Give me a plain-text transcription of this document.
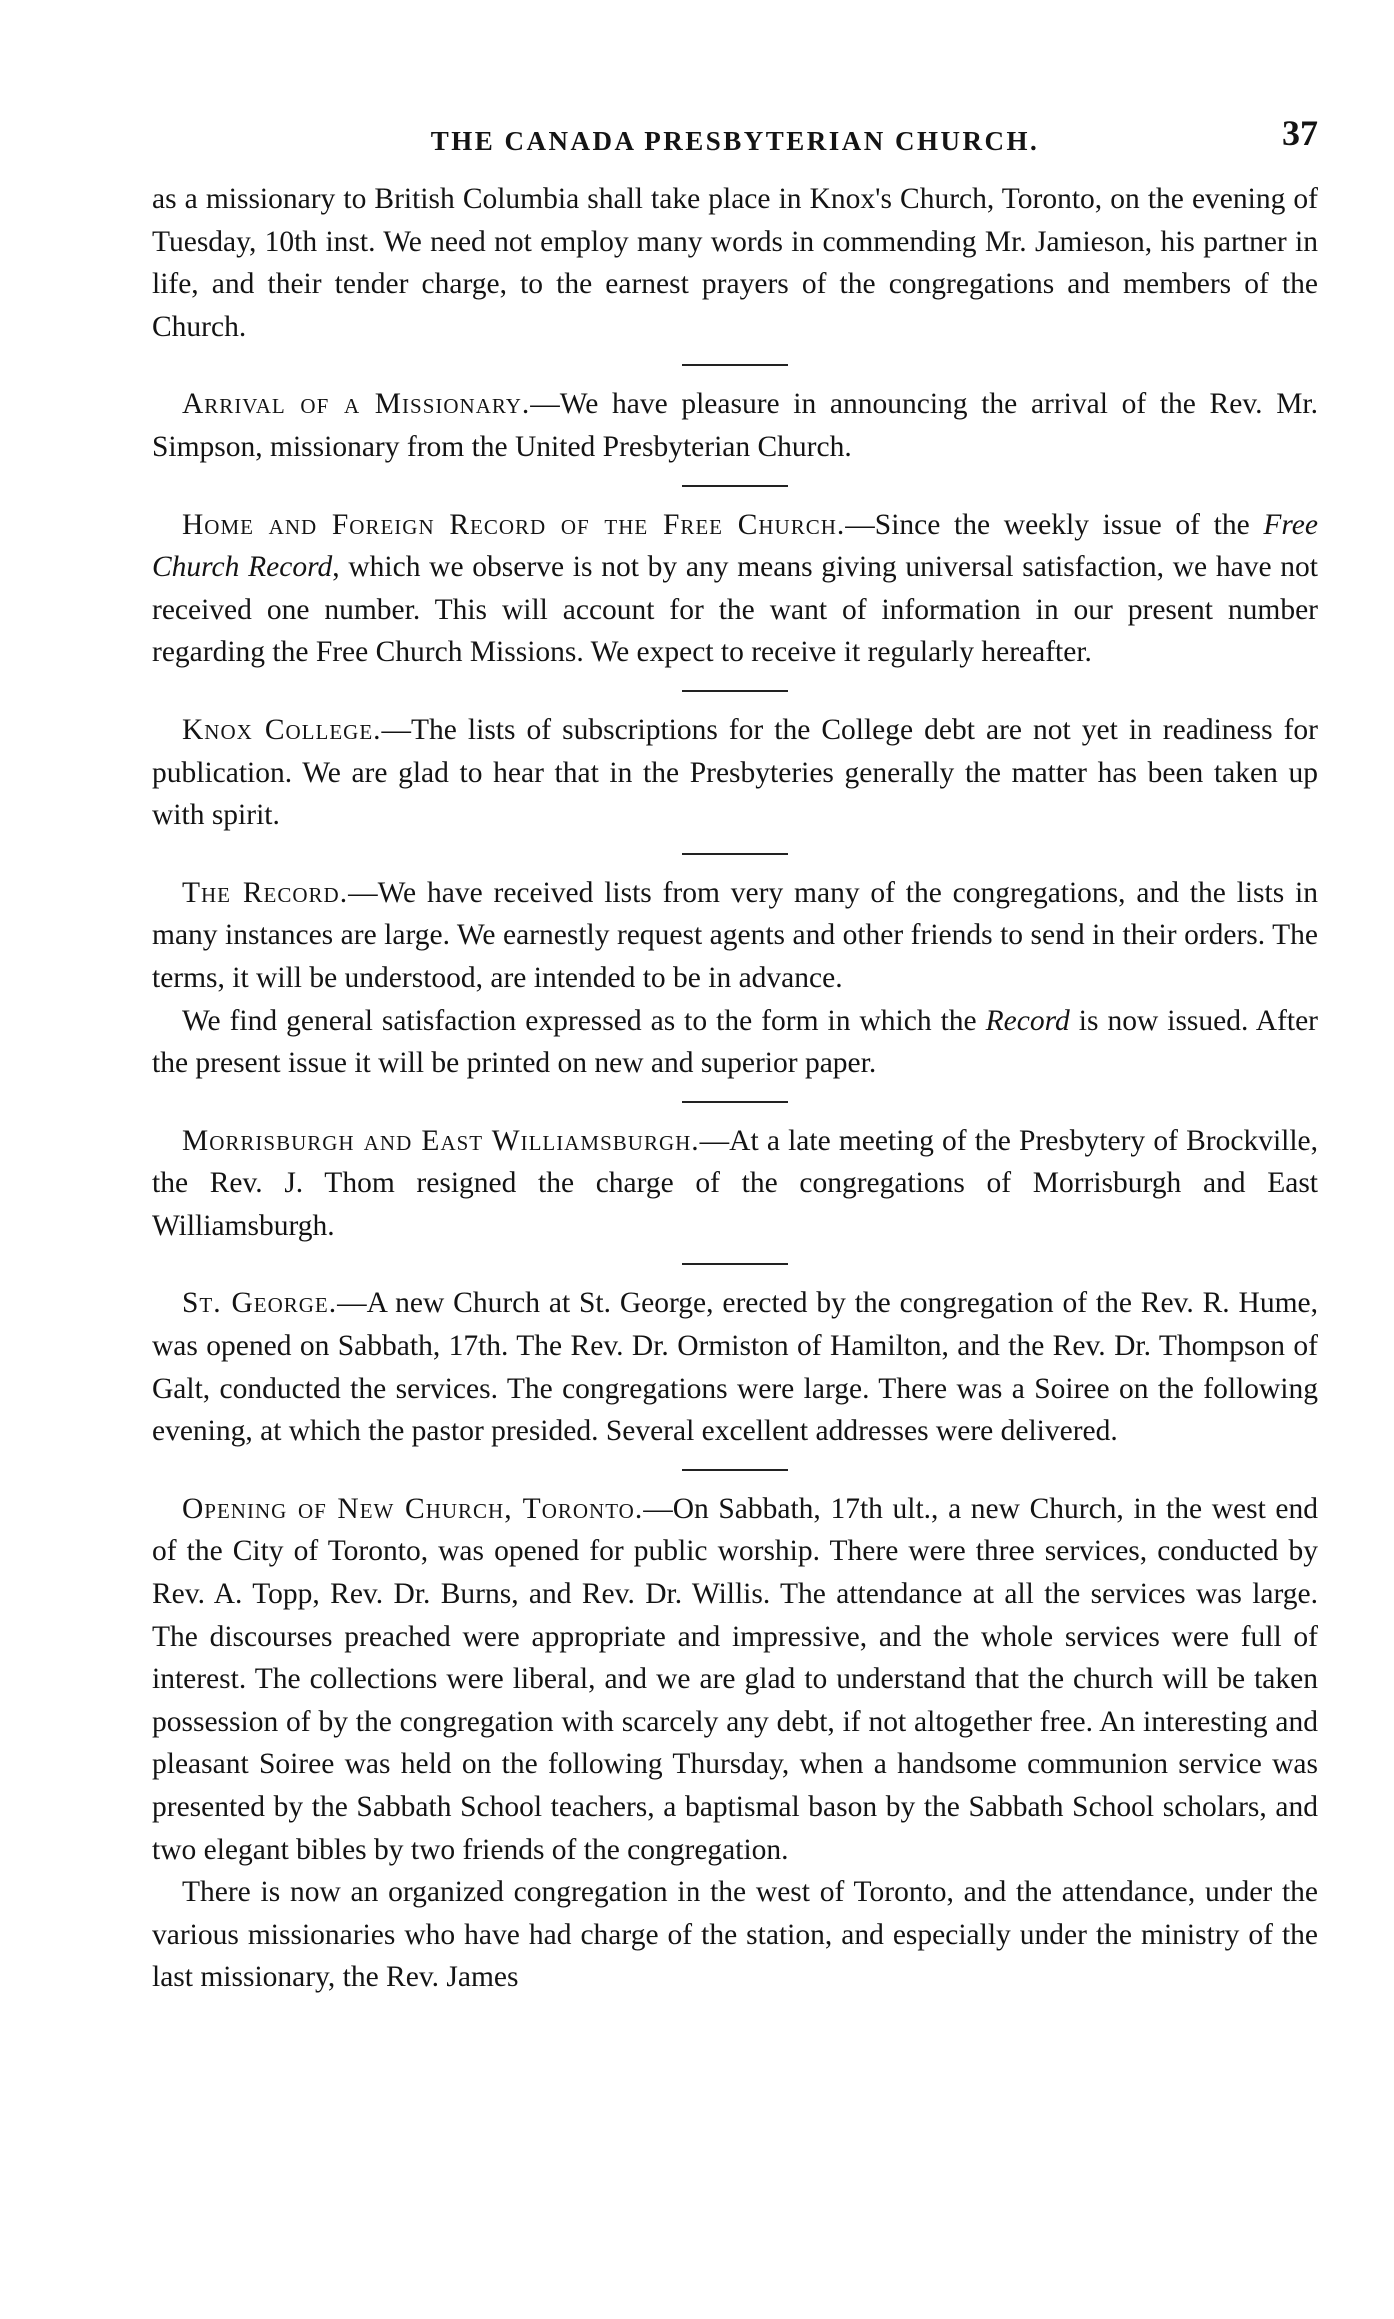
THE CANADA PRESBYTERIAN CHURCH.	37

as a missionary to British Columbia shall take place in Knox's Church, Toronto, on the evening of Tuesday, 10th inst. We need not employ many words in commending Mr. Jamieson, his partner in life, and their tender charge, to the earnest prayers of the congregations and members of the Church.

Arrival of a Missionary.—We have pleasure in announcing the arrival of the Rev. Mr. Simpson, missionary from the United Presbyterian Church.

Home and Foreign Record of the Free Church.—Since the weekly issue of the Free Church Record, which we observe is not by any means giving universal satisfaction, we have not received one number. This will account for the want of information in our present number regarding the Free Church Missions. We expect to receive it regularly hereafter.

Knox College.—The lists of subscriptions for the College debt are not yet in readiness for publication. We are glad to hear that in the Presbyteries generally the matter has been taken up with spirit.

The Record.—We have received lists from very many of the congregations, and the lists in many instances are large. We earnestly request agents and other friends to send in their orders. The terms, it will be understood, are intended to be in advance.

We find general satisfaction expressed as to the form in which the Record is now issued. After the present issue it will be printed on new and superior paper.

Morrisburgh and East Williamsburgh.—At a late meeting of the Presbytery of Brockville, the Rev. J. Thom resigned the charge of the congregations of Morrisburgh and East Williamsburgh.

St. George.—A new Church at St. George, erected by the congregation of the Rev. R. Hume, was opened on Sabbath, 17th. The Rev. Dr. Ormiston of Hamilton, and the Rev. Dr. Thompson of Galt, conducted the services. The congregations were large. There was a Soiree on the following evening, at which the pastor presided. Several excellent addresses were delivered.

Opening of New Church, Toronto.—On Sabbath, 17th ult., a new Church, in the west end of the City of Toronto, was opened for public worship. There were three services, conducted by Rev. A. Topp, Rev. Dr. Burns, and Rev. Dr. Willis. The attendance at all the services was large. The discourses preached were appropriate and impressive, and the whole services were full of interest. The collections were liberal, and we are glad to understand that the church will be taken possession of by the congregation with scarcely any debt, if not altogether free. An interesting and pleasant Soiree was held on the following Thursday, when a handsome communion service was presented by the Sabbath School teachers, a baptismal bason by the Sabbath School scholars, and two elegant bibles by two friends of the congregation.

There is now an organized congregation in the west of Toronto, and the attendance, under the various missionaries who have had charge of the station, and especially under the ministry of the last missionary, the Rev. James
